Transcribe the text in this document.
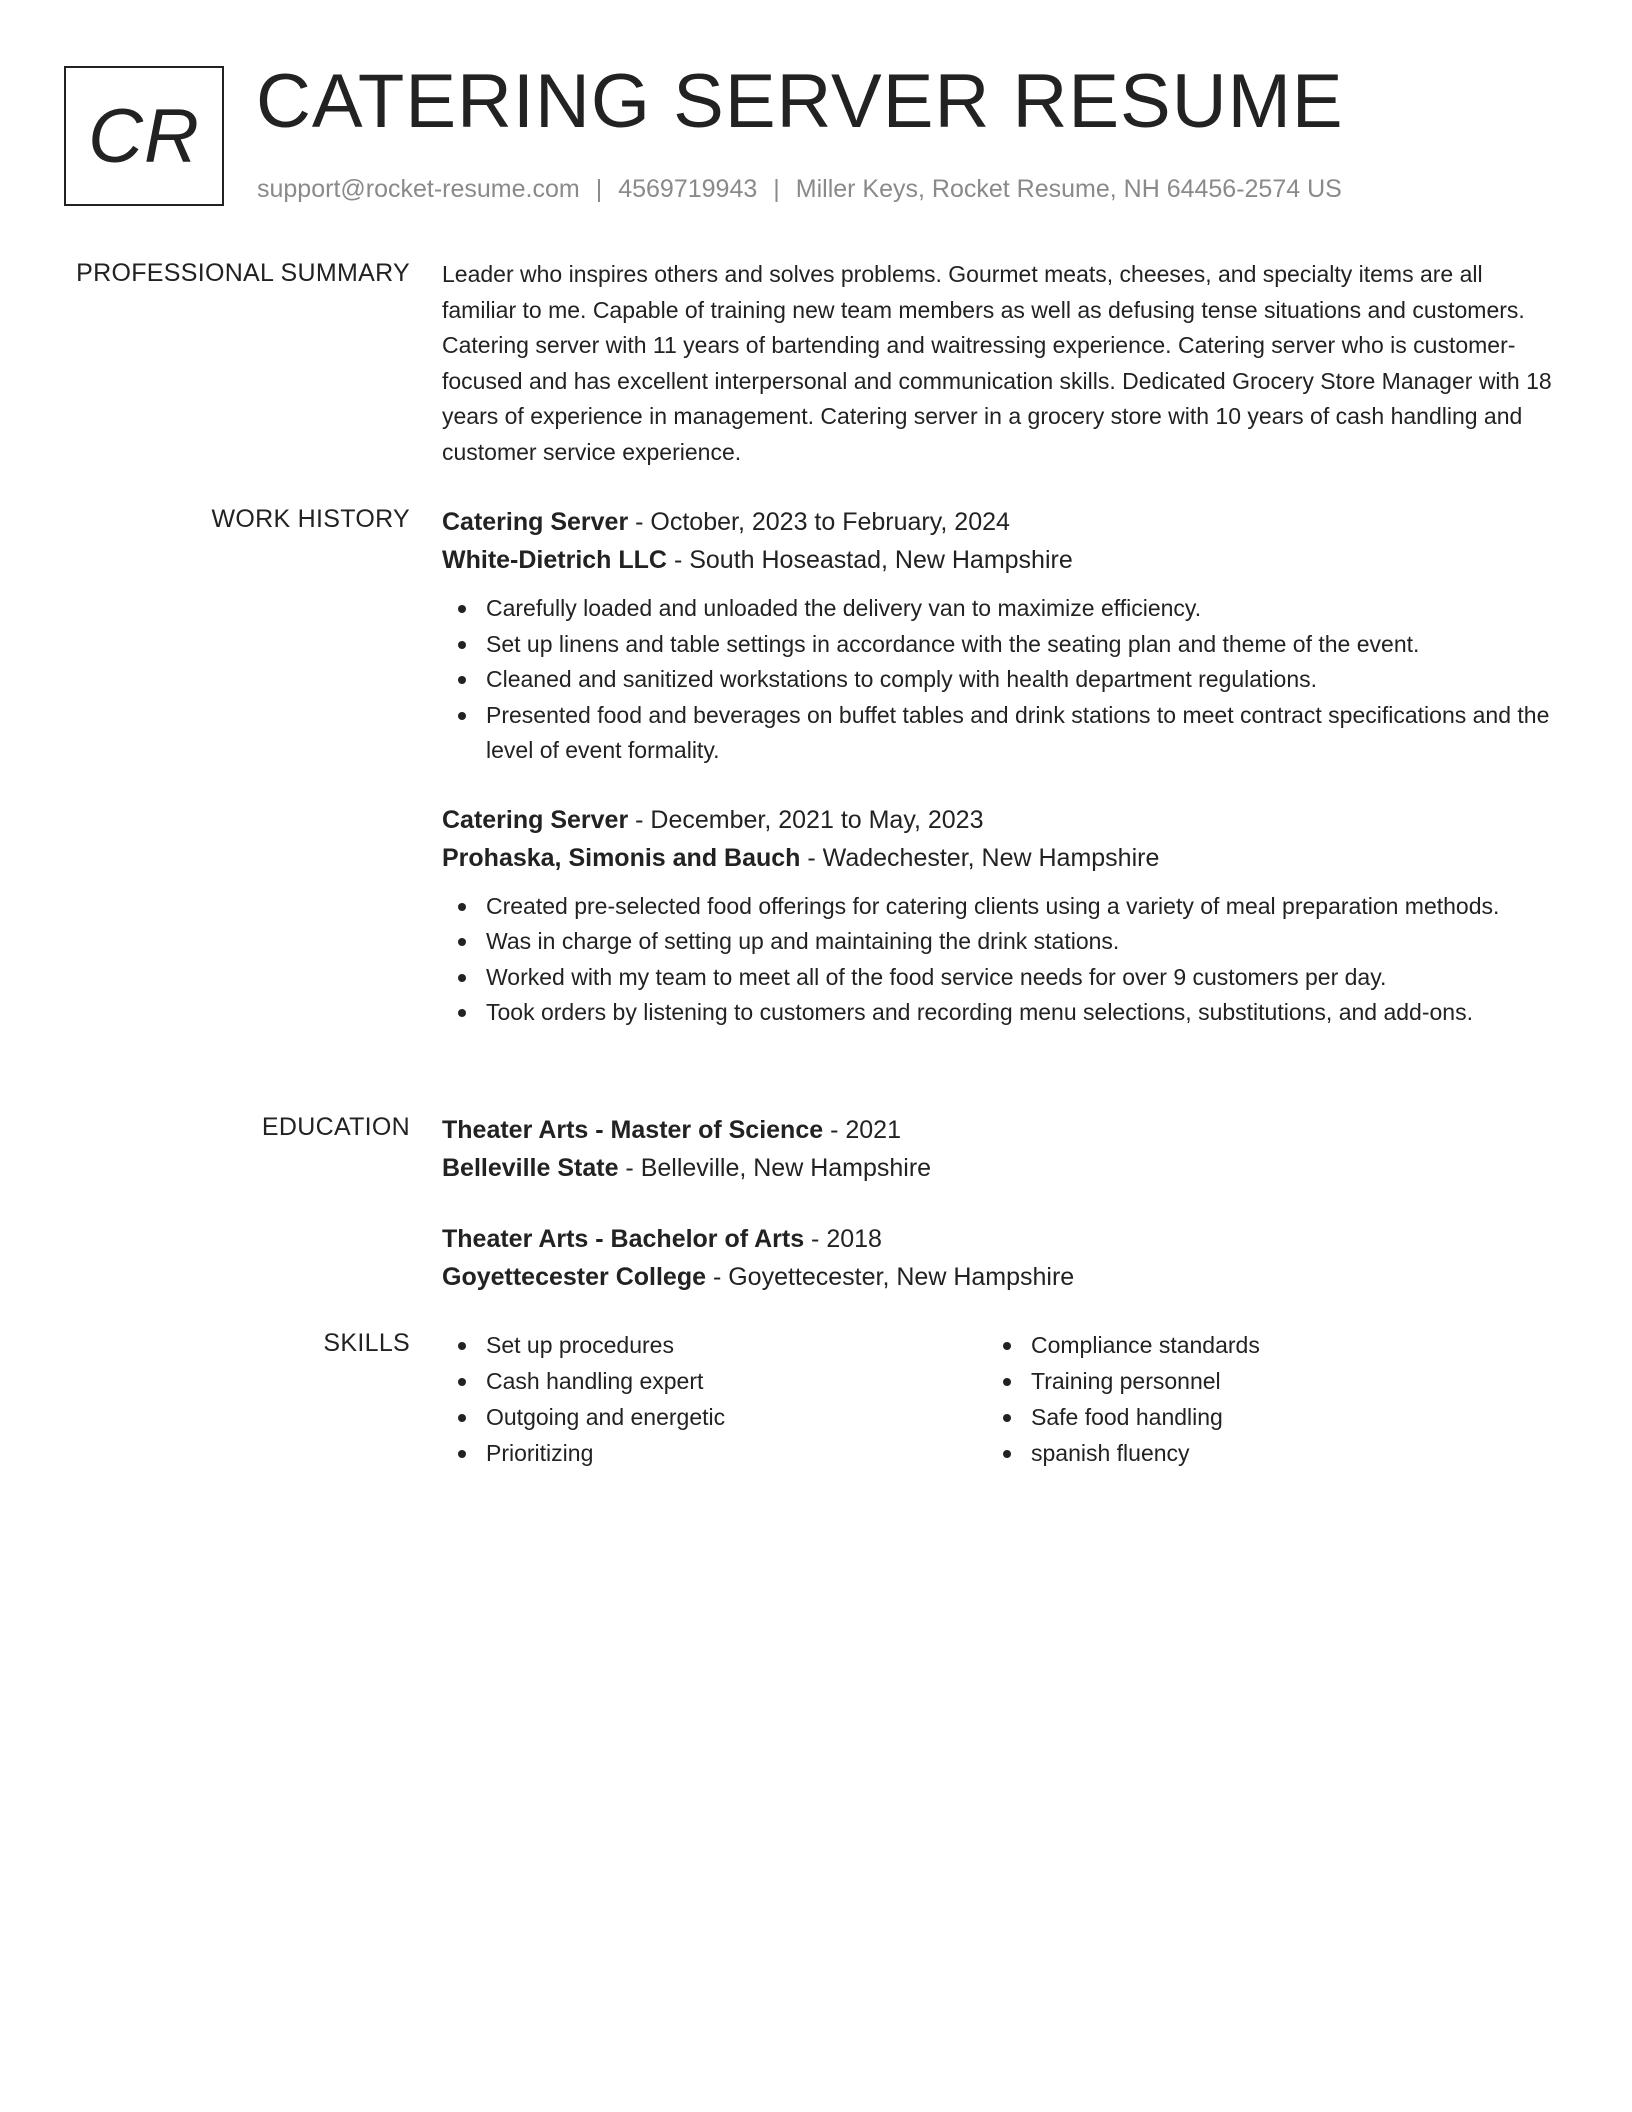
CR CATERING SERVER RESUME
support@rocket-resume.com | 4569719943 | Miller Keys, Rocket Resume, NH 64456-2574 US
PROFESSIONAL SUMMARY Leader who inspires others and solves problems. Gourmet meats, cheeses, and specialty items are all familiar to me. Capable of training new team members as well as defusing tense situations and customers. Catering server with 11 years of bartending and waitressing experience. Catering server who is customer-focused and has excellent interpersonal and communication skills. Dedicated Grocery Store Manager with 18 years of experience in management. Catering server in a grocery store with 10 years of cash handling and customer service experience.

WORK HISTORY Catering Server - October, 2023 to February, 2024
White-Dietrich LLC - South Hoseastad, New Hampshire
Carefully loaded and unloaded the delivery van to maximize efficiency.
Set up linens and table settings in accordance with the seating plan and theme of the event.
Cleaned and sanitized workstations to comply with health department regulations.
Presented food and beverages on buffet tables and drink stations to meet contract specifications and the level of event formality.
Catering Server - December, 2021 to May, 2023
Prohaska, Simonis and Bauch - Wadechester, New Hampshire
Created pre-selected food offerings for catering clients using a variety of meal preparation methods.
Was in charge of setting up and maintaining the drink stations.
Worked with my team to meet all of the food service needs for over 9 customers per day.
Took orders by listening to customers and recording menu selections, substitutions, and add-ons.
EDUCATION Theater Arts - Master of Science - 2021
Belleville State - Belleville, New Hampshire
Theater Arts - Bachelor of Arts - 2018
Goyettecester College - Goyettecester, New Hampshire
SKILLS	Set up procedures
Cash handling expert
Outgoing and energetic
Prioritizing
Compliance standards
Training personnel
Safe food handling
spanish fluency
